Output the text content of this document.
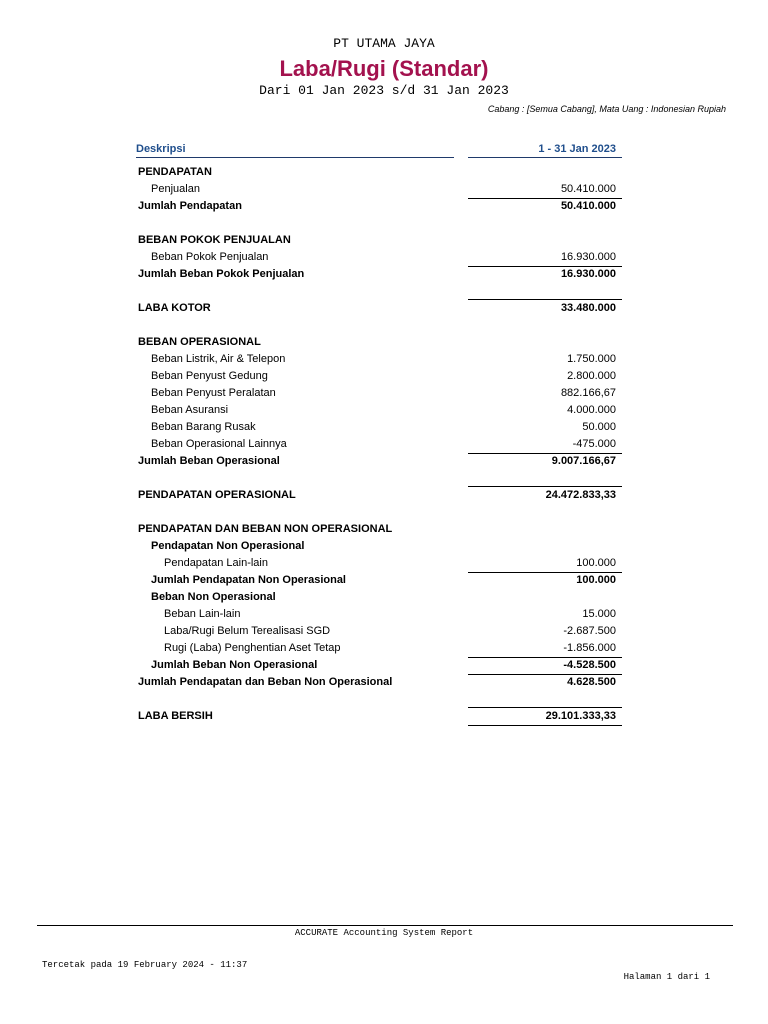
PT UTAMA JAYA
Laba/Rugi (Standar)
Dari 01 Jan 2023 s/d 31 Jan 2023
Cabang : [Semua Cabang], Mata Uang : Indonesian Rupiah
Deskripsi	1 - 31 Jan 2023
PENDAPATAN
Penjualan	50.410.000
Jumlah Pendapatan	50.410.000
BEBAN POKOK PENJUALAN
Beban Pokok Penjualan	16.930.000
Jumlah Beban Pokok Penjualan	16.930.000
LABA KOTOR	33.480.000
BEBAN OPERASIONAL
Beban Listrik, Air & Telepon	1.750.000
Beban Penyust Gedung	2.800.000
Beban Penyust Peralatan	882.166,67
Beban Asuransi	4.000.000
Beban Barang Rusak	50.000
Beban Operasional Lainnya	-475.000
Jumlah Beban Operasional	9.007.166,67
PENDAPATAN OPERASIONAL	24.472.833,33
PENDAPATAN DAN BEBAN NON OPERASIONAL
Pendapatan Non Operasional
Pendapatan Lain-lain	100.000
Jumlah Pendapatan Non Operasional	100.000
Beban Non Operasional
Beban Lain-lain	15.000
Laba/Rugi Belum Terealisasi SGD	-2.687.500
Rugi (Laba) Penghentian Aset Tetap	-1.856.000
Jumlah Beban Non Operasional	-4.528.500
Jumlah Pendapatan dan Beban Non Operasional	4.628.500
LABA BERSIH	29.101.333,33
ACCURATE Accounting System Report
Tercetak pada 19 February 2024 - 11:37
Halaman 1 dari 1
